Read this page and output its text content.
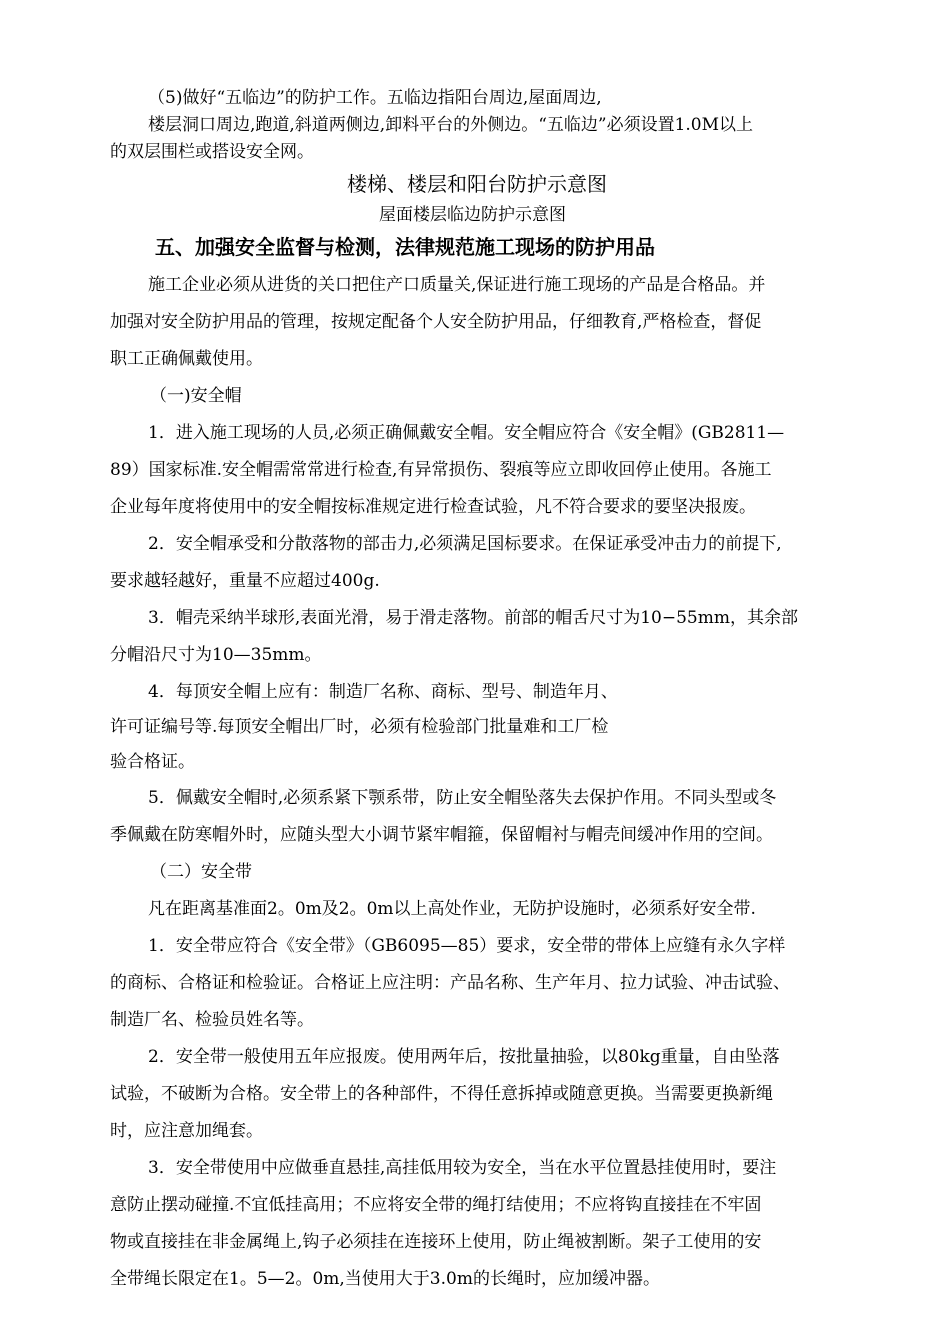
（5)做好“五临边”的防护工作。五临边指阳台周边,屋面周边,
楼层洞口周边,跑道,斜道两侧边,卸料平台的外侧边。“五临边”必须设置1.0M以上
的双层围栏或搭设安全网。
楼梯、楼层和阳台防护示意图
屋面楼层临边防护示意图
五、加强安全监督与检测，法律规范施工现场的防护用品
施工企业必须从进货的关口把住产口质量关,保证进行施工现场的产品是合格品。并
加强对安全防护用品的管理，按规定配备个人安全防护用品，仔细教育,严格检查，督促
职工正确佩戴使用。
（一)安全帽
1．进入施工现场的人员,必须正确佩戴安全帽。安全帽应符合《安全帽》(GB2811—
89）国家标准.安全帽需常常进行检查,有异常损伤、裂痕等应立即收回停止使用。各施工
企业每年度将使用中的安全帽按标准规定进行检查试验，凡不符合要求的要坚决报废。
2．安全帽承受和分散落物的部击力,必须满足国标要求。在保证承受冲击力的前提下,
要求越轻越好，重量不应超过400g.
3．帽壳采纳半球形,表面光滑，易于滑走落物。前部的帽舌尺寸为10−55mm，其余部
分帽沿尺寸为10—35mm。
4．每顶安全帽上应有：制造厂名称、商标、型号、制造年月、
许可证编号等.每顶安全帽出厂时，必须有检验部门批量难和工厂检
验合格证。
5．佩戴安全帽时,必须系紧下颚系带，防止安全帽坠落失去保护作用。不同头型或冬
季佩戴在防寒帽外时，应随头型大小调节紧牢帽箍，保留帽衬与帽壳间缓冲作用的空间。
（二）安全带
凡在距离基准面2。0m及2。0m以上高处作业，无防护设施时，必须系好安全带.
1．安全带应符合《安全带》（GB6095—85）要求，安全带的带体上应缝有永久字样
的商标、合格证和检验证。合格证上应注明：产品名称、生产年月、拉力试验、冲击试验、
制造厂名、检验员姓名等。
2．安全带一般使用五年应报废。使用两年后，按批量抽验，以80kg重量，自由坠落
试验，不破断为合格。安全带上的各种部件，不得任意拆掉或随意更换。当需要更换新绳
时，应注意加绳套。
3．安全带使用中应做垂直悬挂,高挂低用较为安全，当在水平位置悬挂使用时，要注
意防止摆动碰撞.不宜低挂高用；不应将安全带的绳打结使用；不应将钩直接挂在不牢固
物或直接挂在非金属绳上,钩子必须挂在连接环上使用，防止绳被割断。架子工使用的安
全带绳长限定在1。5—2。0m,当使用大于3.0m的长绳时，应加缓冲器。
